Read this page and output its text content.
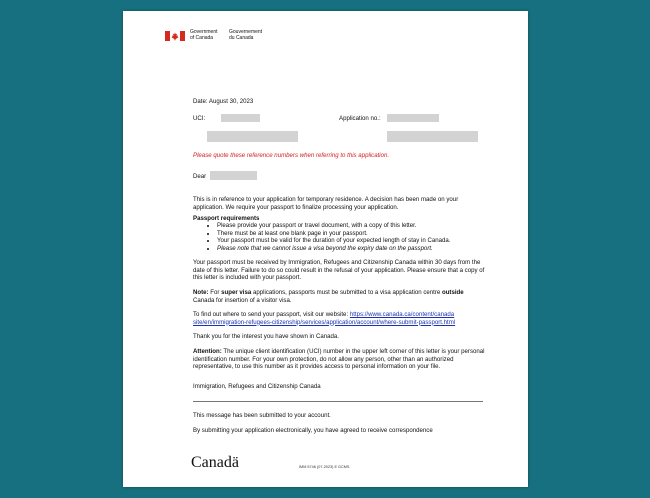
Government
of Canada
Gouvernement
du Canada
Date: August 30, 2023
UCI:	Application no.:
Please quote these reference numbers when referring to this application.
Dear
This is in reference to your application for temporary residence. A decision has been made on your application. We require your passport to finalize processing your application.
Passport requirements
• Please provide your passport or travel document, with a copy of this letter.
• There must be at least one blank page in your passport.
• Your passport must be valid for the duration of your expected length of stay in Canada.
• Please note that we cannot issue a visa beyond the expiry date on the passport.
Your passport must be received by Immigration, Refugees and Citizenship Canada within 30 days from the date of this letter. Failure to do so could result in the refusal of your application. Please ensure that a copy of this letter is included with your passport.
Note: For super visa applications, passports must be submitted to a visa application centre outside Canada for insertion of a visitor visa.
To find out where to send your passport, visit our website: https://www.canada.ca/content/canada site/en/immigration-refugees-citizenship/services/application/account/where-submit-passport.html
Thank you for the interest you have shown in Canada.
Attention: The unique client identification (UCI) number in the upper left corner of this letter is your personal identification number. For your own protection, do not allow any person, other than an authorized representative, to use this number as it provides access to personal information on your file.
Immigration, Refugees and Citizenship Canada
This message has been submitted to your account.
By submitting your application electronically, you have agreed to receive correspondence
Canadä	IMM 5746 (07-2023) E GCMS
